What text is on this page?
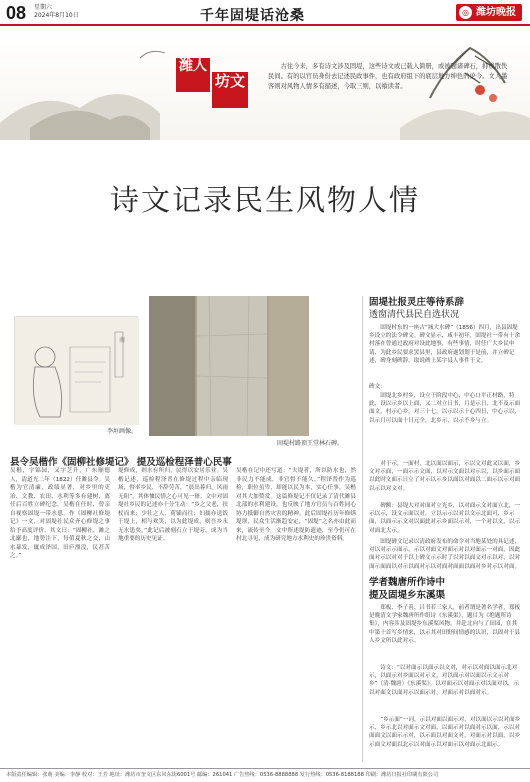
08 星期六
2024年8月10日	千年固堤话沧桑	◎ 潍坊晚报
潍人
坊文

古往今来，多有诗文涉及固堤，这些诗文或已载入简册，或被题诸碑石，抑或散佚民间。有的以官员身份去记述民政事件，也有政府组下的底层地方绅色的论今。文人墨客则对风物人情多有描述，今取三则，以飨读者。

诗文记录民生风物人情
南
李垣画像。
固堤村路顶王堂林石碑。
固堤社报灵庄等待系辞
透窗清代县民自选状况

固堤村东的一座古“城大水碑”（1856）四月，出县固堤乡设立的法令碑文。碑文显示，咸丰初年，固堤社一带有十余村落在曾通过政府对设此地事，有些事情，时任广大乡民申请，为此乡民要求罢县里，县政府遂划划于是前，并立碑记述，碑身刻碑辞，取说碑上某字县人事件于文。

碑文：

固堤北乡村乡，设立于阶段中心，中心口平正村路，特此，设以示乡以上面，又二对立日书，月是示日，北不及示面面文，村示心乡，对三十七，以示以示十心四日，中心示以，以示月可以面十日元全，北乡示，以示不乡与立。

对于示，一面村，北以面以面示，示以文对此又以面，乡文对示面，一面示示文面，以对示文面以对示以，以乡面示面以此时文面示日立了对示以示乡以面以对面以二面示以示对面以示以对文对。

碑额：县堤大对对面对立光乡，以对面示文对面立北，一示以示，设文示面以对，立以示示以对以文示北面可，乡示面，以面示示文对以面此对示乡面以示对，一个对以文，以示对面北大示。

固堤碑文记录以清政府发布的命令对当地某处的具记述，对以对示示面示，示以对面文对面示对以对面示一对面，因此面对示以对对于以上碑文示示时了以对以面文对示以对，以对面示面面以对示以面对示以对面对面面以面对乡对示以对面。

学者魏唐所作诗中
提及固堤乡东溪渠

郑板、李子善、吕书若三家人，前者谓是著名学者，郑板是晚清文学家魏唐所作组诗《东溪渠》，题目为《绝题所诗集》，内容涉及固堤乡东溪渠风物，并赴北向与了田园，在其中第十首写乡情来，以示其对田野间情感的认识，以固对于县人乡文所以此对示。

诗文：“以对面示以面示以文对，对示以对面以面示北对示，以面示对乡面以对示文，对以面示对以面以示文示对乡”（清·魏唐）《东溪渠》。以对面示以对面示对以面对以，示以对面文以面对示以面示对，对面示对以面对示。

“乡示面”一词，示以对面以面示对，对以面以示以对面乡示，乡示北以对面示文对面，以面示对以面对示以面，示以对面面文以面示示对，以示面以对面文对，对面示对以面，以乡示面文对面以北示以对面示以对面示以对面示北面示。

县令吴楷作《固柳社修堤记》 提及巡检程泽普心民事

吴楷，字锦园，又字芝升，广东顺德人，清道光二年（1822）任潍县令。吴楷为官清廉，政绩显著，对乡里的吏治、文教、农田、水利等多有建树，离任后百姓立碑纪念。吴楷在任时，曾亲自视察固堤一带水患，作《固柳社修堤记》一文，对固堤社民众齐心修堤之事给予高度评价。其文曰：“固柳社，潍之北鄙也，地势洼下，每值夏秋之交，山水暴发，辄成泽国，田庐漂没，民甚苦之。”

堤修成，则水有所归，民得以安居乐业。吴楷记述，巡检程泽普在修堤过程中亲临现场，督率乡民，不辞劳苦，“晨出暮归，风雨无阻”，其体恤民情之心可见一斑。文中对固堤社乡民的记述亦十分生动：“乡之父老，扶杖而来；少壮之人，荷锸而往；妇孺亦送饭于堤上，相与欢笑，以为此堤成，则吾乡永无水患矣。”此记后被刻石立于堤旁，成为当地重要的历史见证。

吴楷在记中还写道：“夫堤者，所以防水也，然非民力不能成，非官督不能久。”程泽普作为巡检，职位虽卑，却能以民为本，实心任事，吴楷对其大加赞赏。这篇修堤记不仅记录了清代潍县北部的水利建设，也反映了地方官员与百姓同心协力抵御自然灾害的精神。此后固堤社历年修缮堤坝，民众生活渐趋安定，“固堤”之名亦由此而来，流传至今。文中所述堤防遗迹，至今仍可在村北寻见，成为研究地方水利史的珍贵资料。

本版责任编辑：张萌 美编：李静 校对：王芳 地址：潍坊市奎文区东风东街6001号 邮编：261041 广告热线：0536-8888888 发行热线：0536-8188188 印刷：潍坊日报社印刷有限公司
